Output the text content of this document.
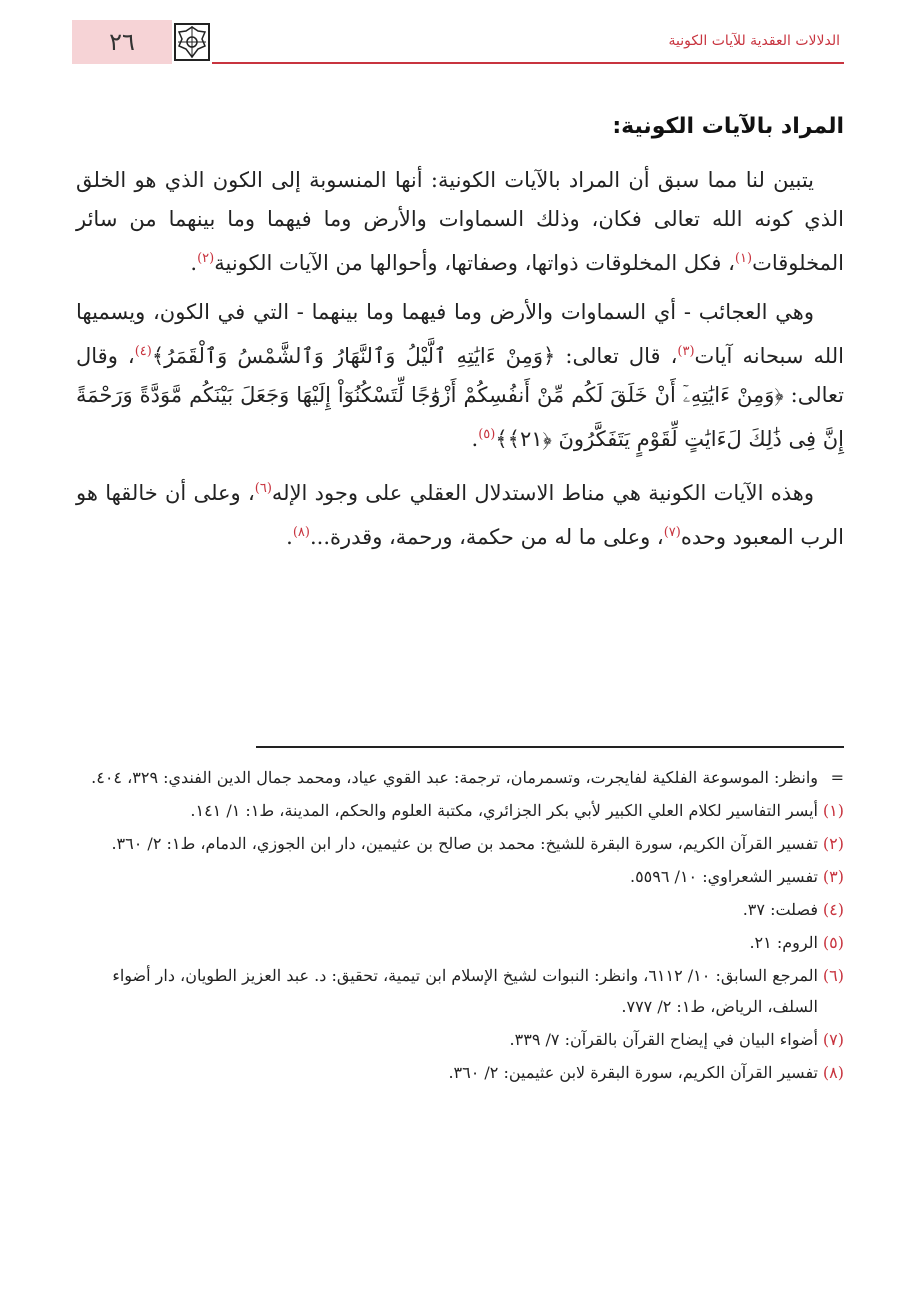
٢٦	الدلالات العقدية للآيات الكونية
المراد بالآيات الكونية:

يتبين لنا مما سبق أن المراد بالآيات الكونية: أنها المنسوبة إلى الكون الذي هو الخلق الذي كونه الله تعالى فكان، وذلك السماوات والأرض وما فيهما وما بينهما من سائر المخلوقات$^{(١)}$، فكل المخلوقات ذواتها، وصفاتها، وأحوالها من الآيات الكونية$^{(٢)}$.

وهي العجائب - أي السماوات والأرض وما فيهما وما بينهما - التي في الكون، ويسميها الله سبحانه آيات$^{(٣)}$، قال تعالى: ﴿وَمِنْ ءَايَٰتِهِ ٱلَّيْلُ وَٱلنَّهَارُ وَٱلشَّمْسُ وَٱلْقَمَرُ﴾$^{(٤)}$، وقال تعالى: ﴿وَمِنْ ءَايَٰتِهِۦٓ أَنْ خَلَقَ لَكُم مِّنْ أَنفُسِكُمْ أَزْوَٰجًا لِّتَسْكُنُوٓاْ إِلَيْهَا وَجَعَلَ بَيْنَكُم مَّوَدَّةً وَرَحْمَةً إِنَّ فِى ذَٰلِكَ لَءَايَٰتٍ لِّقَوْمٍ يَتَفَكَّرُونَ ﴿٢١﴾﴾$^{(٥)}$.

وهذه الآيات الكونية هي مناط الاستدلال العقلي على وجود الإله$^{(٦)}$، وعلى أن خالقها هو الرب المعبود وحده$^{(٧)}$، وعلى ما له من حكمة، ورحمة، وقدرة...$^{(٨)}$.

=
وانظر: الموسوعة الفلكية لفايجرت، وتسمرمان، ترجمة: عبد القوي عياد، ومحمد جمال الدين الفندي: ٣٢٩، ٤٠٤.
(١)
أيسر التفاسير لكلام العلي الكبير لأبي بكر الجزائري، مكتبة العلوم والحكم، المدينة، ط١: ١/ ١٤١.
(٢)
تفسير القرآن الكريم، سورة البقرة للشيخ: محمد بن صالح بن عثيمين، دار ابن الجوزي، الدمام، ط١: ٢/ ٣٦٠.
(٣)
تفسير الشعراوي: ١٠/ ٥٥٩٦.
(٤)
فصلت: ٣٧.
(٥)
الروم: ٢١.
(٦)
المرجع السابق: ١٠/ ٦١١٢، وانظر: النبوات لشيخ الإسلام ابن تيمية، تحقيق: د. عبد العزيز الطويان، دار أضواء السلف، الرياض، ط١: ٢/ ٧٧٧.
(٧)
أضواء البيان في إيضاح القرآن بالقرآن: ٧/ ٣٣٩.
(٨)
تفسير القرآن الكريم، سورة البقرة لابن عثيمين: ٢/ ٣٦٠.
